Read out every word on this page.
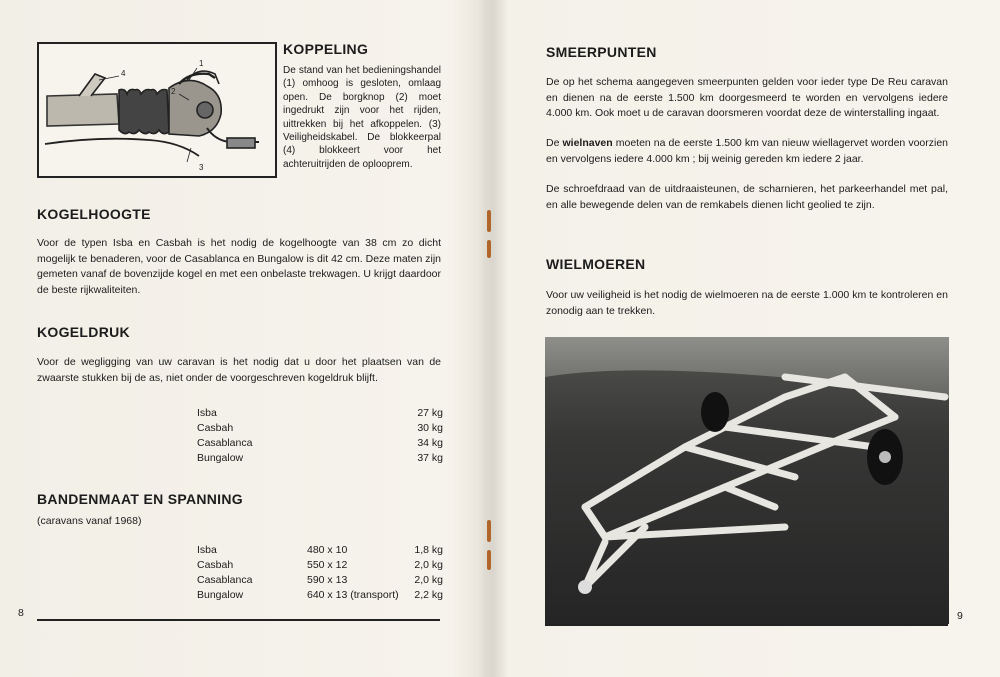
1
2
3
4
KOPPELING

De stand van het bedieningshandel (1) omhoog is gesloten, omlaag open. De borgknop (2) moet ingedrukt zijn voor het rijden, uittrekken bij het afkoppelen. (3) Veiligheidskabel. De blokkeerpal (4) blokkeert voor het achteruitrijden de oplooprem.

KOGELHOOGTE

Voor de typen Isba en Casbah is het nodig de kogelhoogte van 38 cm zo dicht mogelijk te benaderen, voor de Casablanca en Bungalow is dit 42 cm. Deze maten zijn gemeten vanaf de bovenzijde kogel en met een onbelaste trekwagen. U krijgt daardoor de beste rijkwaliteiten.

KOGELDRUK

Voor de wegligging van uw caravan is het nodig dat u door het plaatsen van de zwaarste stukken bij de as, niet onder de voorgeschreven kogeldruk blijft.

Isba	27 kg
Casbah	30 kg
Casablanca	34 kg
Bungalow	37 kg
BANDENMAAT EN SPANNING

(caravans vanaf 1968)

Isba	480 x 10	1,8 kg
Casbah	550 x 12	2,0 kg
Casablanca	590 x 13	2,0 kg
Bungalow	640 x 13 (transport)	2,2 kg
8
SMEERPUNTEN

De op het schema aangegeven smeerpunten gelden voor ieder type De Reu caravan en dienen na de eerste 1.500 km doorgesmeerd te worden en vervolgens iedere 4.000 km. Ook moet u de caravan doorsmeren voordat deze de winterstalling ingaat.

De wielnaven moeten na de eerste 1.500 km van nieuw wiellagervet worden voorzien en vervolgens iedere 4.000 km ; bij weinig gereden km iedere 2 jaar.

De schroefdraad van de uitdraaisteunen, de scharnieren, het parkeerhandel met pal, en alle bewegende delen van de remkabels dienen licht geolied te zijn.

WIELMOEREN

Voor uw veiligheid is het nodig de wielmoeren na de eerste 1.000 km te kontroleren en zonodig aan te trekken.

9
